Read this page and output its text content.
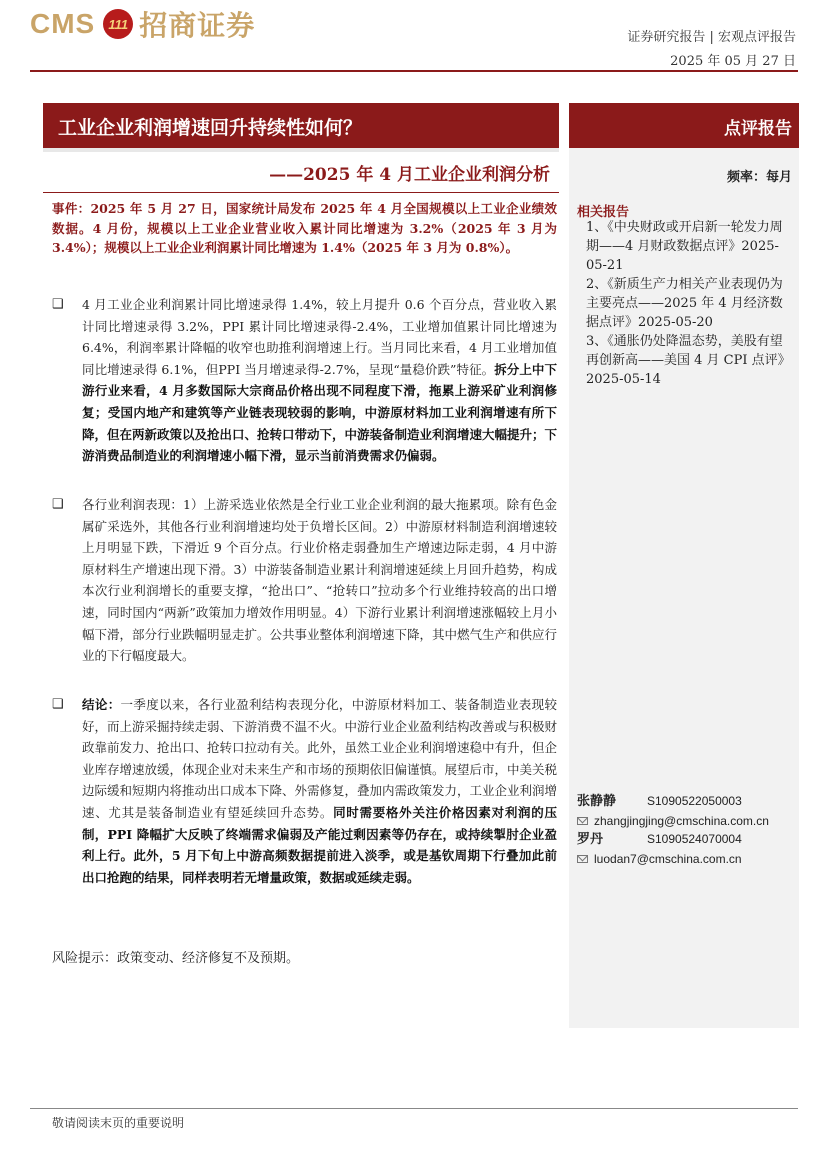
CMS	111 招商证券	证券研究报告 | 宏观点评报告
2025 年 05 月 27 日
工业企业利润增速回升持续性如何？
——2025 年 4 月工业企业利润分析
点评报告
频率：每月
相关报告
1、《中央财政或开启新一轮发力周期——4 月财政数据点评》2025-05-21
2、《新质生产力相关产业表现仍为主要亮点——2025 年 4 月经济数据点评》2025-05-20
3、《通胀仍处降温态势，美股有望再创新高——美国 4 月 CPI 点评》2025-05-14
张静静	S1090522050003
zhangjingjing@cmschina.com.cn
罗丹	S1090524070004
luodan7@cmschina.com.cn
事件：2025 年 5 月 27 日，国家统计局发布 2025 年 4 月全国规模以上工业企业绩效数据。4 月份，规模以上工业企业营业收入累计同比增速为 3.2%（2025 年 3 月为 3.4%）；规模以上工业企业利润累计同比增速为 1.4%（2025 年 3 月为 0.8%）。
❑ 4 月工业企业利润累计同比增速录得 1.4%，较上月提升 0.6 个百分点，营业收入累计同比增速录得 3.2%，PPI 累计同比增速录得-2.4%，工业增加值累计同比增速为 6.4%，利润率累计降幅的收窄也助推利润增速上行。当月同比来看，4 月工业增加值同比增速录得 6.1%，但PPI 当月增速录得-2.7%，呈现“量稳价跌”特征。拆分上中下游行业来看，4 月多数国际大宗商品价格出现不同程度下滑，拖累上游采矿业利润修复；受国内地产和建筑等产业链表现较弱的影响，中游原材料加工业利润增速有所下降，但在两新政策以及抢出口、抢转口带动下，中游装备制造业利润增速大幅提升；下游消费品制造业的利润增速小幅下滑，显示当前消费需求仍偏弱。
❑ 各行业利润表现：1）上游采选业依然是全行业工业企业利润的最大拖累项。除有色金属矿采选外，其他各行业利润增速均处于负增长区间。2）中游原材料制造利润增速较上月明显下跌，下滑近 9 个百分点。行业价格走弱叠加生产增速边际走弱，4 月中游原材料生产增速出现下滑。3）中游装备制造业累计利润增速延续上月回升趋势，构成本次行业利润增长的重要支撑，“抢出口”、“抢转口”拉动多个行业维持较高的出口增速，同时国内“两新”政策加力增效作用明显。4）下游行业累计利润增速涨幅较上月小幅下滑，部分行业跌幅明显走扩。公共事业整体利润增速下降，其中燃气生产和供应行业的下行幅度最大。
❑ 结论：一季度以来，各行业盈利结构表现分化，中游原材料加工、装备制造业表现较好，而上游采掘持续走弱、下游消费不温不火。中游行业企业盈利结构改善或与积极财政靠前发力、抢出口、抢转口拉动有关。此外，虽然工业企业利润增速稳中有升，但企业库存增速放缓，体现企业对未来生产和市场的预期依旧偏谨慎。展望后市，中美关税边际缓和短期内将推动出口成本下降、外需修复，叠加内需政策发力，工业企业利润增速、尤其是装备制造业有望延续回升态势。同时需要格外关注价格因素对利润的压制，PPI 降幅扩大反映了终端需求偏弱及产能过剩因素等仍存在，或持续掣肘企业盈利上行。此外，5 月下旬上中游高频数据提前进入淡季，或是基钦周期下行叠加此前出口抢跑的结果，同样表明若无增量政策，数据或延续走弱。
风险提示：政策变动、经济修复不及预期。
敬请阅读末页的重要说明
